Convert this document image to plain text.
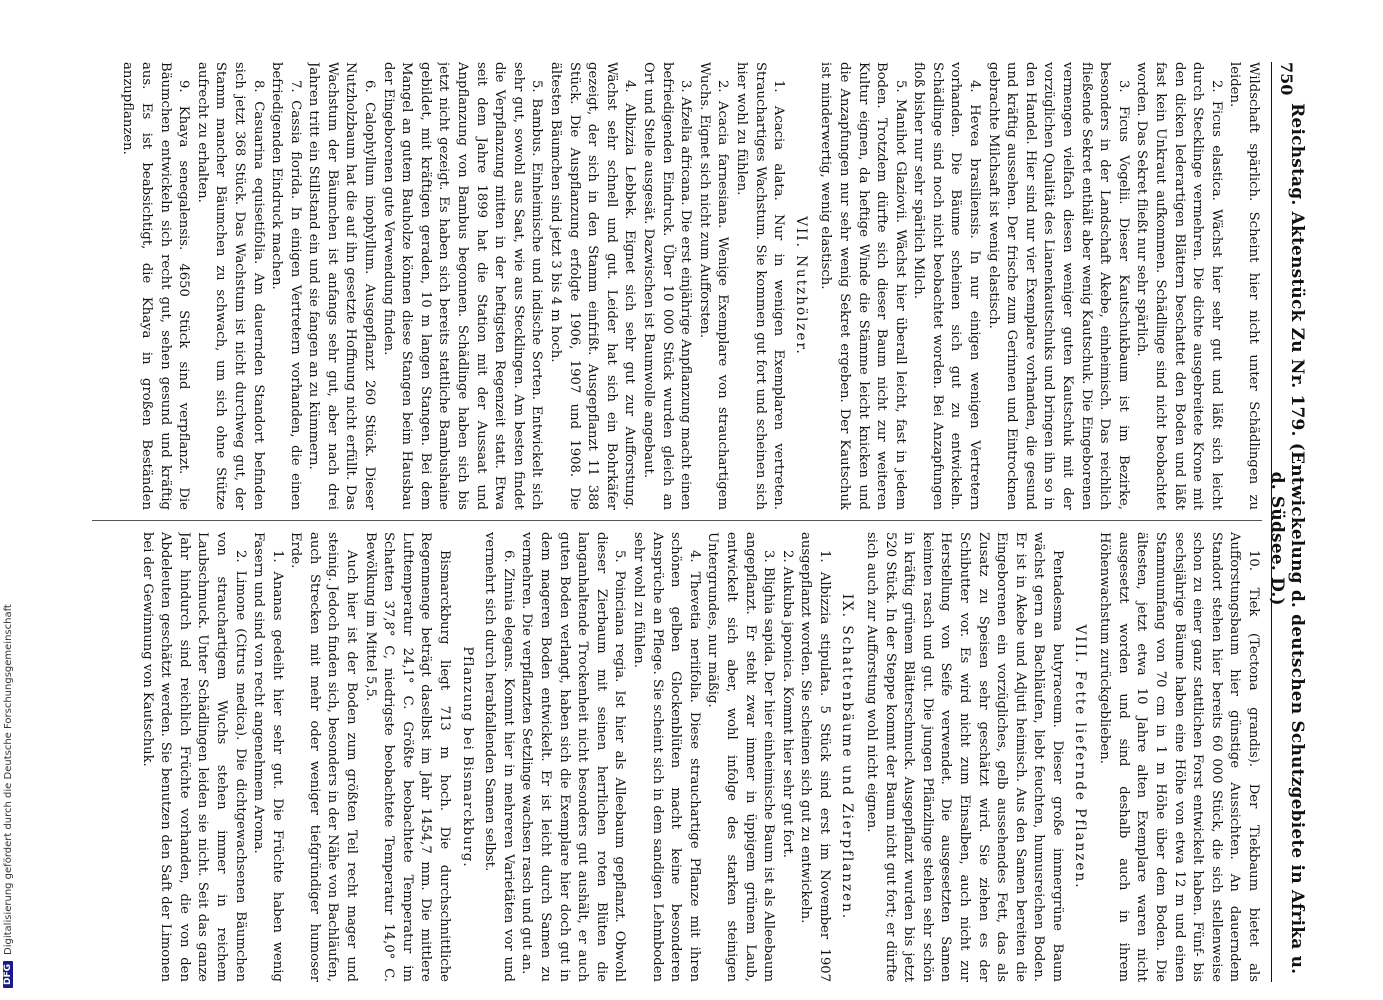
750
Reichstag. Aktenstück Zu Nr. 179. (Entwickelung d. deutschen Schutzgebiete in Afrika u. d. Südsee. D.)

Wildschaft spärlich. Scheint hier nicht unter Schädlingen zu leiden.

2. Ficus elastica. Wächst hier sehr gut und läßt sich leicht durch Stecklinge vermehren. Die dichte ausgebreitete Krone mit den dicken lederartigen Blättern beschattet den Boden und läßt fast kein Unkraut aufkommen. Schädlinge sind nicht beobachtet worden. Das Sekret fließt nur sehr spärlich.

3. Ficus Vogelii. Dieser Kautschukbaum ist im Bezirke, besonders in der Landschaft Akebe, einheimisch. Das reichlich fließende Sekret enthält aber wenig Kautschuk. Die Eingeborenen vermengen vielfach diesen weniger guten Kautschuk mit der vorzüglichen Qualität des Lianenkautschuks und bringen ihn so in den Handel. Hier sind nur vier Exemplare vorhanden, die gesund und kräftig aussehen. Der frische zum Gerinnen und Eintrocknen gebrachte Milchsaft ist wenig elastisch.

4. Hevea brasiliensis. In nur einigen wenigen Vertretern vorhanden. Die Bäume scheinen sich gut zu entwickeln. Schädlinge sind noch nicht beobachtet worden. Bei Anzapfungen floß bisher nur sehr spärlich Milch.

5. Manihot Glaziovii. Wächst hier überall leicht, fast in jedem Boden. Trotzdem dürfte sich dieser Baum nicht zur weiteren Kultur eignen, da heftige Winde die Stämme leicht knicken und die Anzapfungen nur sehr wenig Sekret ergeben. Der Kautschuk ist minderwertig, wenig elastisch.

VII. Nutzhölzer.

1. Acacia alata. Nur in wenigen Exemplaren vertreten. Strauchartiges Wachstum. Sie kommen gut fort und scheinen sich hier wohl zu fühlen.

2. Acacia farnesiana. Wenige Exemplare von strauchartigem Wuchs. Eignet sich nicht zum Aufforsten.

3. Afzelia africana. Die erst einjährige Anpflanzung macht einen befriedigenden Eindruck. Über 10 000 Stück wurden gleich an Ort und Stelle ausgesät. Dazwischen ist Baumwolle angebaut.

4. Albizzia Lebbek. Eignet sich sehr gut zur Aufforstung. Wächst sehr schnell und gut. Leider hat sich ein Bohrkäfer gezeigt, der sich in den Stamm einfrißt. Ausgepflanzt 11 388 Stück. Die Auspflanzung erfolgte 1906, 1907 und 1908. Die ältesten Bäumchen sind jetzt 3 bis 4 m hoch.

5. Bambus. Einheimische und indische Sorten. Entwickelt sich sehr gut, sowohl aus Saat, wie aus Stecklingen. Am besten findet die Verpflanzung mitten in der heftigsten Regenzeit statt. Etwa seit dem Jahre 1899 hat die Station mit der Aussaat und Anpflanzung von Bambus begonnen. Schädlinge haben sich bis jetzt nicht gezeigt. Es haben sich bereits stattliche Bambushaine gebildet, mit kräftigen geraden, 10 m langen Stangen. Bei dem Mangel an gutem Bauholze können diese Stangen beim Hausbau der Eingeborenen gute Verwendung finden.

6. Calophyllum inophyllum. Ausgepflanzt 260 Stück. Dieser Nutzholzbaum hat die auf ihn gesetzte Hoffnung nicht erfüllt. Das Wachstum der Bäumchen ist anfangs sehr gut, aber nach drei Jahren tritt ein Stillstand ein und sie fangen an zu kümmern.

7. Cassia florida. In einigen Vertretern vorhanden, die einen befriedigenden Eindruck machen.

8. Casuarina equisetifolia. Am dauernden Standort befinden sich jetzt 368 Stück. Das Wachstum ist nicht durchweg gut, der Stamm mancher Bäumchen zu schwach, um sich ohne Stütze aufrecht zu erhalten.

9. Khaya senegalensis. 4650 Stück sind verpflanzt. Die Bäumchen entwickeln sich recht gut, sehen gesund und kräftig aus. Es ist beabsichtigt, die Khaya in großen Beständen anzupflanzen.

10. Tiek (Tectona grandis). Der Tiekbaum bietet als Aufforstungsbaum hier günstige Aussichten. An dauerndem Standort stehen hier bereits 60 000 Stück, die sich stellenweise schon zu einer ganz stattlichen Forst entwickelt haben. Fünf- bis sechsjährige Bäume haben eine Höhe von etwa 12 m und einen Stammumfang von 70 cm in 1 m Höhe über dem Boden. Die ältesten, jetzt etwa 10 Jahre alten Exemplare waren nicht ausgesetzt worden und sind deshalb auch in ihrem Höhenwachstum zurückgeblieben.

VIII. Fette liefernde Pflanzen.

Pentadesma butyraceum. Dieser große immergrüne Baum wächst gern an Bachläufen, liebt feuchten, humusreichen Boden. Er ist in Akebe und Adjuti heimisch. Aus den Samen bereiten die Eingeborenen ein vorzügliches, gelb aussehendes Fett, das als Zusatz zu Speisen sehr geschätzt wird. Sie ziehen es der Schibutter vor. Es wird nicht zum Einsalben, auch nicht zur Herstellung von Seife verwendet. Die ausgesetzten Samen keimten rasch und gut. Die jungen Pflänzlinge stehen sehr schön in kräftig grünem Blätterschmuck. Ausgepflanzt wurden bis jetzt 520 Stück. In der Steppe kommt der Baum nicht gut fort; er dürfte sich auch zur Aufforstung wohl nicht eignen.

IX. Schattenbäume und Zierpflanzen.

1. Albizzia stipulata. 5 Stück sind erst im November 1907 ausgepflanzt worden. Sie scheinen sich gut zu entwickeln.

2. Aukuba japonica. Kommt hier sehr gut fort.

3. Blighia sapida. Der hier einheimische Baum ist als Alleebaum angepflanzt. Er steht zwar immer in üppigem grünem Laub, entwickelt sich aber, wohl infolge des starken steinigen Untergrundes, nur mäßig.

4. Thevetia neriifolia. Diese strauchartige Pflanze mit ihren schönen gelben Glockenblüten macht keine besonderen Ansprüche an Pflege. Sie scheint sich in dem sandigen Lehmboden sehr wohl zu fühlen.

5. Poinciana regia. Ist hier als Alleebaum gepflanzt. Obwohl dieser Zierbaum mit seinen herrlichen roten Blüten die langanhaltende Trockenheit nicht besonders gut aushält, er auch guten Boden verlangt, haben sich die Exemplare hier doch gut in dem mageren Boden entwickelt. Er ist leicht durch Samen zu vermehren. Die verpflanzten Setzlinge wachsen rasch und gut an.

6. Zinnia elegans. Kommt hier in mehreren Varietäten vor und vermehrt sich durch herabfallenden Samen selbst.

Pflanzung bei Bismarckburg.

Bismarckburg liegt 713 m hoch. Die durchschnittliche Regenmenge beträgt daselbst im Jahr 1454,7 mm. Die mittlere Lufttemperatur 24,1° C. Größte beobachtete Temperatur im Schatten 37,8° C, niedrigste beobachtete Temperatur 14,0° C. Bewölkung im Mittel 5,5.

Auch hier ist der Boden zum größten Teil recht mager und steinig. Jedoch finden sich, besonders in der Nähe von Bachläufen, auch Strecken mit mehr oder weniger tiefgründiger humoser Erde.

1. Ananas gedeiht hier sehr gut. Die Früchte haben wenig Fasern und sind von recht angenehmem Aroma.

2. Limone (Citrus medica). Die dichtgewachsenen Bäumchen von strauchartigem Wuchs stehen immer in reichem Laubschmuck. Unter Schädlingen leiden sie nicht. Seit das ganze Jahr hindurch sind reichlich Früchte vorhanden, die von den Abdeleuten geschätzt werden. Sie benutzen den Saft der Limonen bei der Gewinnung von Kautschuk.

DFG
Digitalisierung gefördert durch die Deutsche Forschungsgemeinschaft
